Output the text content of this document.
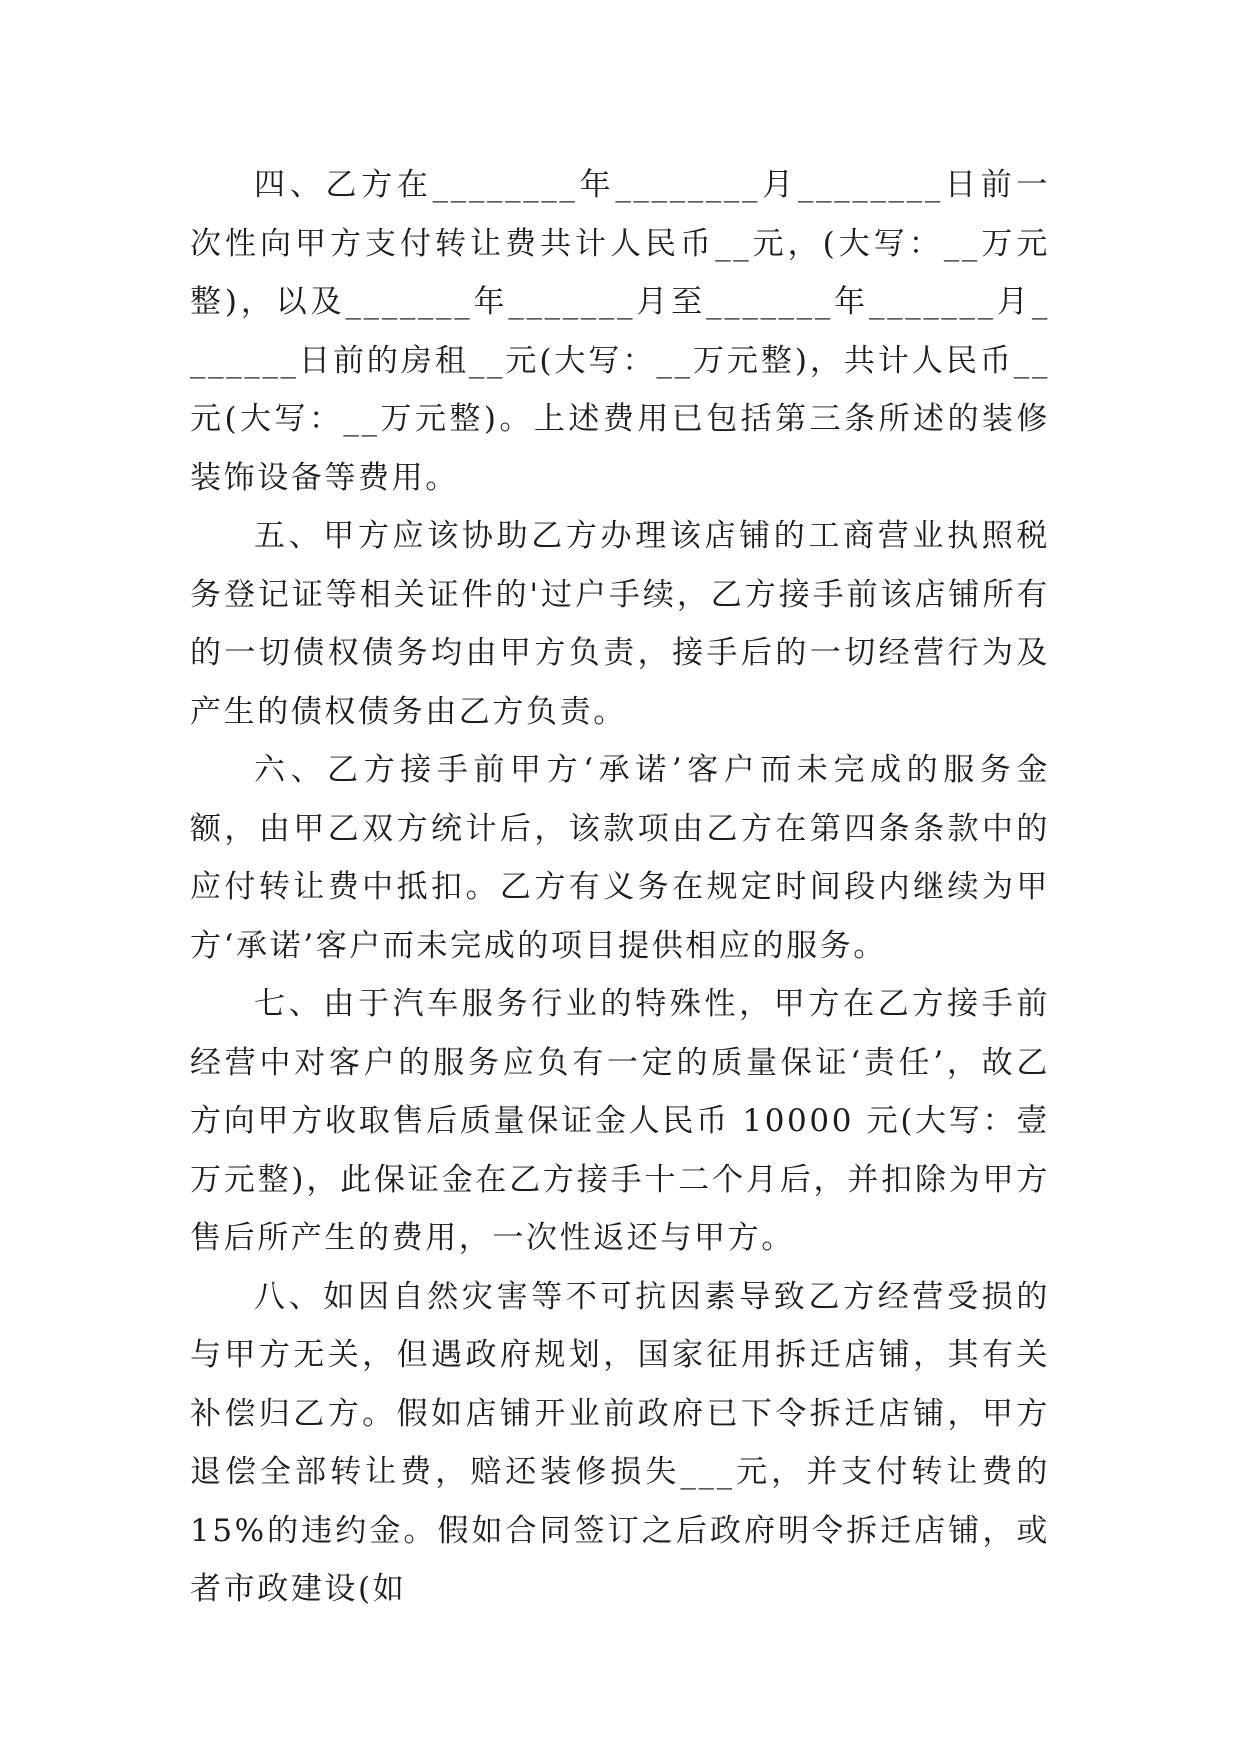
四、乙方在________年________月________日前一次性向甲方支付转让费共计人民币__元，(大写：__万元整)，以及_______年_______月至_______年_______月_______日前的房租__元(大写：__万元整)，共计人民币__元(大写：__万元整)。上述费用已包括第三条所述的装修装饰设备等费用。

五、甲方应该协助乙方办理该店铺的工商营业执照税务登记证等相关证件的'过户手续，乙方接手前该店铺所有的一切债权债务均由甲方负责，接手后的一切经营行为及产生的债权债务由乙方负责。

六、乙方接手前甲方‘承诺’客户而未完成的服务金额，由甲乙双方统计后，该款项由乙方在第四条条款中的应付转让费中抵扣。乙方有义务在规定时间段内继续为甲方‘承诺’客户而未完成的项目提供相应的服务。

七、由于汽车服务行业的特殊性，甲方在乙方接手前经营中对客户的服务应负有一定的质量保证‘责任’，故乙方向甲方收取售后质量保证金人民币 10000 元(大写：壹万元整)，此保证金在乙方接手十二个月后，并扣除为甲方售后所产生的费用，一次性返还与甲方。

八、如因自然灾害等不可抗因素导致乙方经营受损的与甲方无关，但遇政府规划，国家征用拆迁店铺，其有关补偿归乙方。假如店铺开业前政府已下令拆迁店铺，甲方退偿全部转让费，赔还装修损失___元，并支付转让费的 15%的违约金。假如合同签订之后政府明令拆迁店铺，或者市政建设(如
